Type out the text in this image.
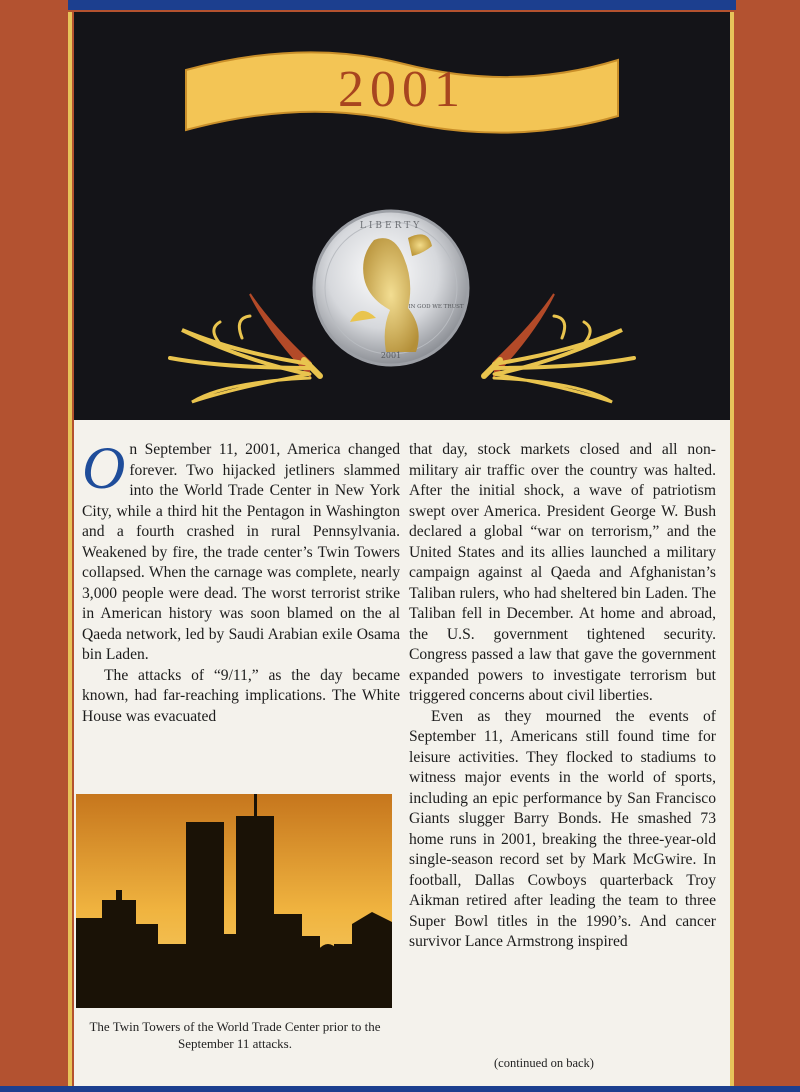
2001
LIBERTY
IN GOD WE TRUST
2001
O n September 11, 2001, America changed forever. Two hijacked jetliners slammed into the World Trade Center in New York City, while a third hit the Pentagon in Washington and a fourth crashed in rural Pennsylvania. Weakened by fire, the trade center’s Twin Towers collapsed. When the carnage was complete, nearly 3,000 people were dead. The worst terrorist strike in American history was soon blamed on the al Qaeda network, led by Saudi Arabian exile Osama bin Laden.

The attacks of “9/11,” as the day became known, had far-reaching implications. The White House was evacuated

that day, stock markets closed and all non-military air traffic over the country was halted. After the initial shock, a wave of patriotism swept over America. President George W. Bush declared a global “war on terrorism,” and the United States and its allies launched a military campaign against al Qaeda and Afghanistan’s Taliban rulers, who had sheltered bin Laden. The Taliban fell in December. At home and abroad, the U.S. government tightened security. Congress passed a law that gave the government expanded powers to investigate terrorism but triggered concerns about civil liberties.

Even as they mourned the events of September 11, Americans still found time for leisure activities. They flocked to stadiums to witness major events in the world of sports, including an epic performance by San Francisco Giants slugger Barry Bonds. He smashed 73 home runs in 2001, breaking the three-year-old single-season record set by Mark McGwire. In football, Dallas Cowboys quarterback Troy Aikman retired after leading the team to three Super Bowl titles in the 1990’s. And cancer survivor Lance Armstrong inspired

The Twin Towers of the World Trade Center prior to the September 11 attacks.
(continued on back)
